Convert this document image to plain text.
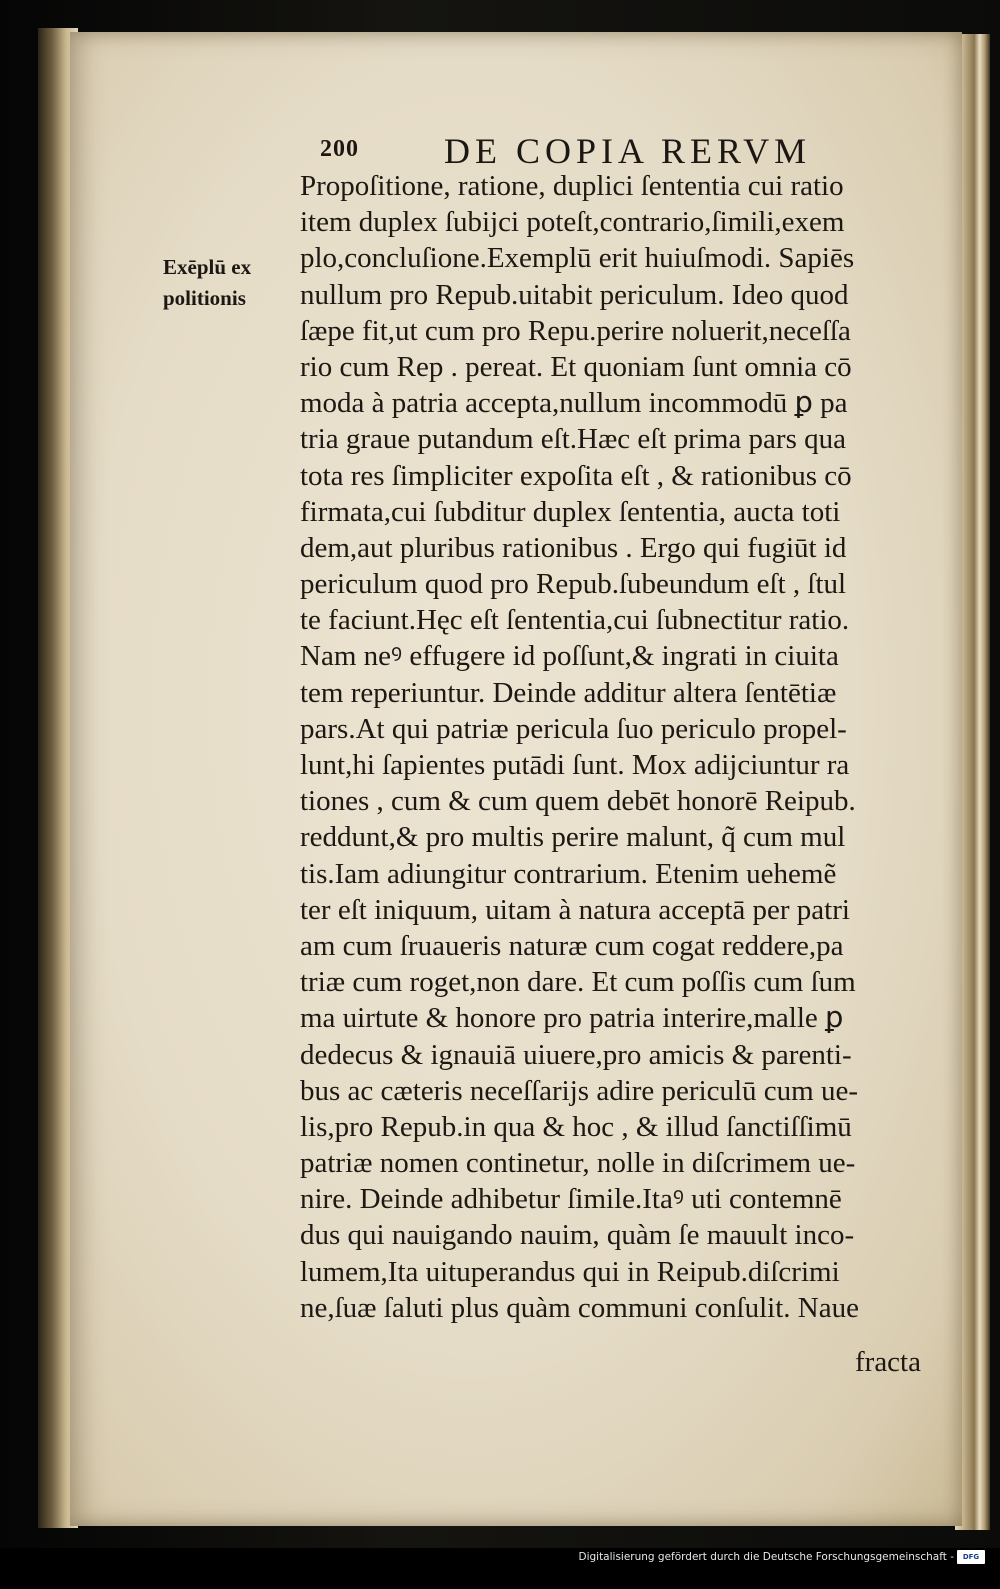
200 DE COPIA RERVM
Exēplū ex
politionis
Propoſitione, ratione, duplici ſententia cui ratio
item duplex ſubijci poteſt,contrario,ſimili,exem
plo,concluſione.Exemplū erit huiuſmodi. Sapiēs
nullum pro Repub.uitabit periculum. Ideo quod
ſæpe fit,ut cum pro Repu.perire noluerit,neceſſa
rio cum Rep . pereat. Et quoniam ſunt omnia cō
moda à patria accepta,nullum incommodū ꝑ pa
tria graue putandum eſt.Hæc eſt prima pars qua
tota res ſimpliciter expoſita eſt , & rationibus cō
firmata,cui ſubditur duplex ſententia, aucta toti
dem,aut pluribus rationibus . Ergo qui fugiūt id
periculum quod pro Repub.ſubeundum eſt , ſtul
te faciunt.Hęc eſt ſententia,cui ſubnectitur ratio.
Nam neꝰ effugere id poſſunt,& ingrati in ciuita
tem reperiuntur. Deinde additur altera ſentētiæ
pars.At qui patriæ pericula ſuo periculo propel-
lunt,hi ſapientes putādi ſunt. Mox adijciuntur ra
tiones , cum & cum quem debēt honorē Reipub.
reddunt,& pro multis perire malunt, q̃ cum mul
tis.Iam adiungitur contrarium. Etenim uehemẽ
ter eſt iniquum, uitam à natura acceptā per patri
am cum ſruaueris naturæ cum cogat reddere,pa
triæ cum roget,non dare. Et cum poſſis cum ſum
ma uirtute & honore pro patria interire,malle ꝑ
dedecus & ignauiā uiuere,pro amicis & parenti-
bus ac cæteris neceſſarijs adire periculū cum ue-
lis,pro Repub.in qua & hoc , & illud ſanctiſſimū
patriæ nomen continetur, nolle in diſcrimem ue-
nire. Deinde adhibetur ſimile.Itaꝰ uti contemnē
dus qui nauigando nauim, quàm ſe mauult inco-
lumem,Ita uituperandus qui in Reipub.diſcrimi
ne,ſuæ ſaluti plus quàm communi conſulit. Naue
fracta
Digitalisierung gefördert durch die Deutsche Forschungsgemeinschaft - DFG
